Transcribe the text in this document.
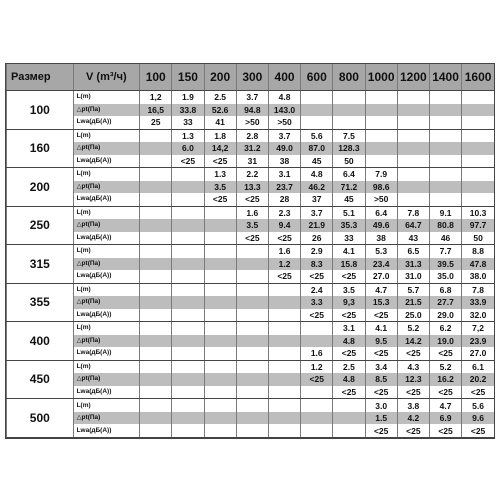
Размер	V (m³/ч)	100	150	200	300	400	600	800	1000	1200	1400	1600
100	L(m)	1,2	1.9	2.5	3.7	4.8						
	△pt(Па)	16,5	33.8	52.6	94.8	143.0						
	Lwa(дБ(A))	25	33	41	>50	>50						
160	L(m)		1.3	1.8	2.8	3.7	5.6	7.5				
	△pt(Па)		6.0	14,2	31.2	49.0	87.0	128.3				
	Lwa(дБ(A))		<25	<25	31	38	45	50				
200	L(m)			1.3	2.2	3.1	4.8	6.4	7.9			
	△pt(Па)			3.5	13.3	23.7	46.2	71.2	98.6			
	Lwa(дБ(A))			<25	<25	28	37	45	>50			
250	L(m)				1.6	2.3	3.7	5.1	6.4	7.8	9.1	10.3
	△pt(Па)				3.5	9.4	21.9	35.3	49.6	64.7	80.8	97.7
	Lwa(дБ(A))				<25	<25	26	33	38	43	46	50
315	L(m)					1.6	2.9	4.1	5.3	6.5	7.7	8.8
	△pt(Па)					1.2	8.3	15.8	23.4	31.3	39.5	47.8
	Lwa(дБ(A))					<25	<25	<25	27.0	31.0	35.0	38.0
355	L(m)						2.4	3.5	4.7	5.7	6.8	7.8
	△pt(Па)						3.3	9,3	15.3	21.5	27.7	33.9
	Lwa(дБ(A))						<25	<25	<25	25.0	29.0	32.0
400	L(m)							3.1	4.1	5.2	6.2	7,2
	△pt(Па)							4.8	9.5	14.2	19.0	23.9
	Lwa(дБ(A))						1.6	<25	<25	<25	<25	27.0
450	L(m)						1.2	2.5	3.4	4.3	5.2	6.1
	△pt(Па)						<25	4.8	8.5	12.3	16.2	20.2
	Lwa(дБ(A))							<25	<25	<25	<25	<25
500	L(m)								3.0	3.8	4.7	5.6
	△pt(Па)								1.5	4.2	6.9	9.6
	Lwa(дБ(A))								<25	<25	<25	<25
